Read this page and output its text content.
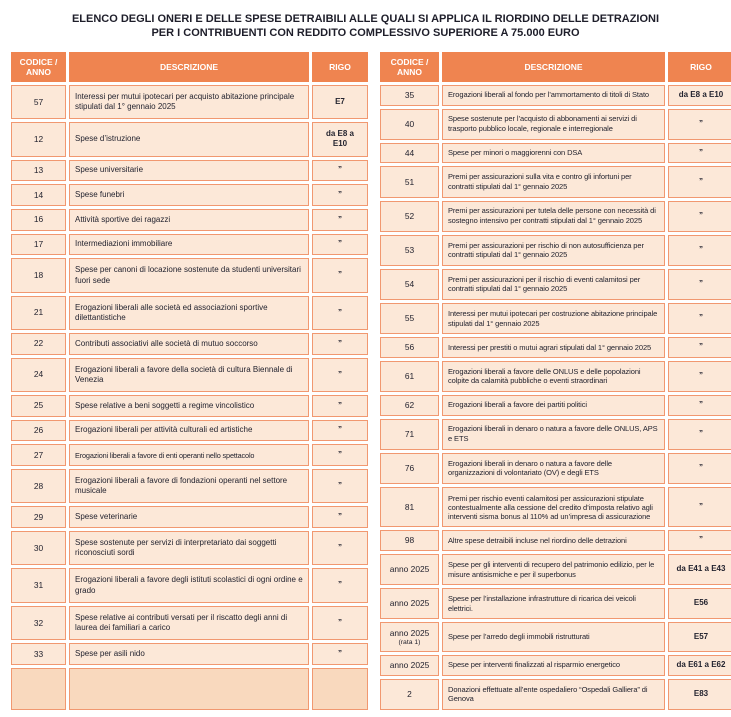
ELENCO DEGLI ONERI E DELLE SPESE DETRAIBILI ALLE QUALI SI APPLICA IL RIORDINO DELLE DETRAZIONI
PER I CONTRIBUENTI CON REDDITO COMPLESSIVO SUPERIORE A 75.000 EURO
CODICE / ANNO	DESCRIZIONE	RIGO

57	Interessi per mutui ipotecari per acquisto abitazione principale stipulati dal 1° gennaio 2025	E7

12	Spese d’istruzione	da E8 a E10

13	Spese universitarie	”

14	Spese funebri	”

16	Attività sportive dei ragazzi	”

17	Intermediazioni immobiliare	”

18	Spese per canoni di locazione sostenute da studenti universitari fuori sede	”

21	Erogazioni liberali alle società ed associazioni sportive dilettantistiche	”

22	Contributi associativi alle società di mutuo soccorso	”

24	Erogazioni liberali a favore della società di cultura Biennale di Venezia	”

25	Spese relative a beni soggetti a regime vincolistico	”

26	Erogazioni liberali per attività culturali ed artistiche	”

27	Erogazioni liberali a favore di enti operanti nello spettacolo	”

28	Erogazioni liberali a favore di fondazioni operanti nel settore musicale	”

29	Spese veterinarie	”

30	Spese sostenute per servizi di interpretariato dai soggetti riconosciuti sordi	”

31	Erogazioni liberali a favore degli istituti scolastici di ogni ordine e grado	”

32	Spese relative ai contributi versati per il riscatto degli anni di laurea dei familiari a carico	”

33	Spese per asili nido	”

CODICE / ANNO	DESCRIZIONE	RIGO

35	Erogazioni liberali al fondo per l’ammortamento di titoli di Stato	da E8 a E10

40	Spese sostenute per l’acquisto di abbonamenti ai servizi di trasporto pubblico locale, regionale e interregionale	”

44	Spese per minori o maggiorenni con DSA	”

51	Premi per assicurazioni sulla vita e contro gli infortuni per contratti stipulati dal 1° gennaio 2025	”

52	Premi per assicurazioni per tutela delle persone con necessità di sostegno intensivo per contratti stipulati dal 1° gennaio 2025	”

53	Premi per assicurazioni per rischio di non autosufficienza per contratti stipulati dal 1° gennaio 2025	”

54	Premi per assicurazioni per il rischio di eventi calamitosi per contratti stipulati dal 1° gennaio 2025	”

55	Interessi per mutui ipotecari per costruzione abitazione principale stipulati dal 1° gennaio 2025	”

56	Interessi per prestiti o mutui agrari stipulati dal 1° gennaio 2025	”

61	Erogazioni liberali a favore delle ONLUS e delle popolazioni colpite da calamità pubbliche o eventi straordinari	”

62	Erogazioni liberali a favore dei partiti politici	”

71	Erogazioni liberali in denaro o natura a favore delle ONLUS, APS e ETS	”

76	Erogazioni liberali in denaro o natura a favore delle organizzazioni di volontariato (OV) e degli ETS	”

81	Premi per rischio eventi calamitosi per assicurazioni stipulate contestualmente alla cessione del credito d’imposta relativo agli interventi sisma bonus al 110% ad un’impresa di assicurazione	”

98	Altre spese detraibili incluse nel riordino delle detrazioni	”

anno 2025	Spese per gli interventi di recupero del patrimonio edilizio, per le misure antisismiche e per il superbonus	da E41 a E43

anno 2025	Spese per l’installazione infrastrutture di ricarica dei veicoli elettrici.	E56

anno 2025
(rata 1)	Spese per l’arredo degli immobili ristrutturati	E57

anno 2025	Spese per interventi finalizzati al risparmio energetico	da E61 a E62

2	Donazioni effettuate all’ente ospedaliero “Ospedali Galliera” di Genova	E83
